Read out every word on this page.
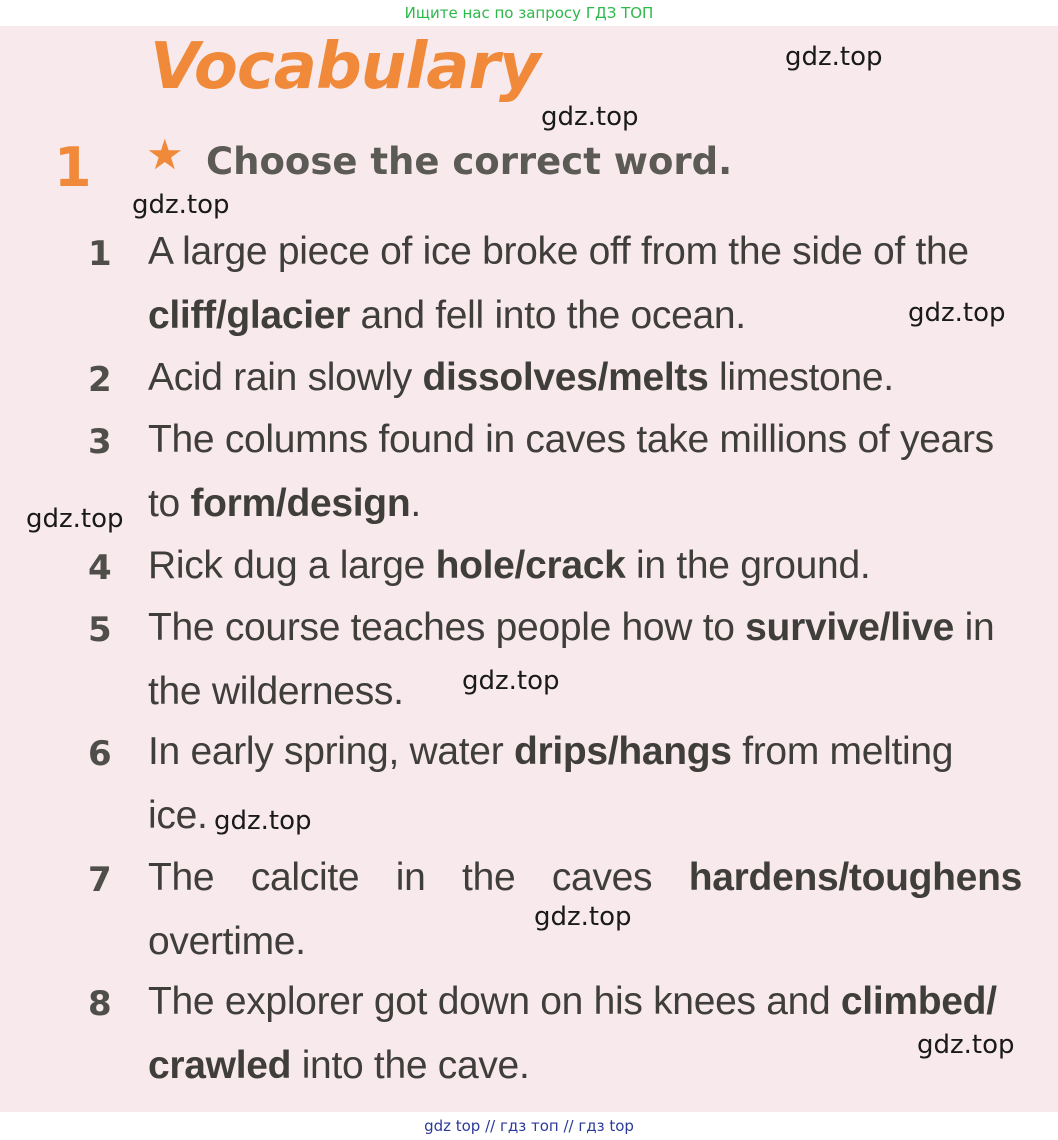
Ищите нас по запросу ГДЗ ТОП
Vocabulary
1 ★ Choose the correct word.
1 A large piece of ice broke off from the side of the
cliff/glacier and fell into the ocean.
2 Acid rain slowly dissolves/melts limestone.
3 The columns found in caves take millions of years
to form/design.
4 Rick dug a large hole/crack in the ground.
5 The course teaches people how to survive/live in
the wilderness.
6 In early spring, water drips/hangs from melting
ice.
7 The calcite in the caves hardens/toughens
overtime.
8 The explorer got down on his knees and climbed/
crawled into the cave.
gdz.top
gdz.top
gdz.top
gdz.top
gdz.top
gdz.top
gdz.top
gdz.top
gdz.top
gdz top // гдз топ // гдз top
